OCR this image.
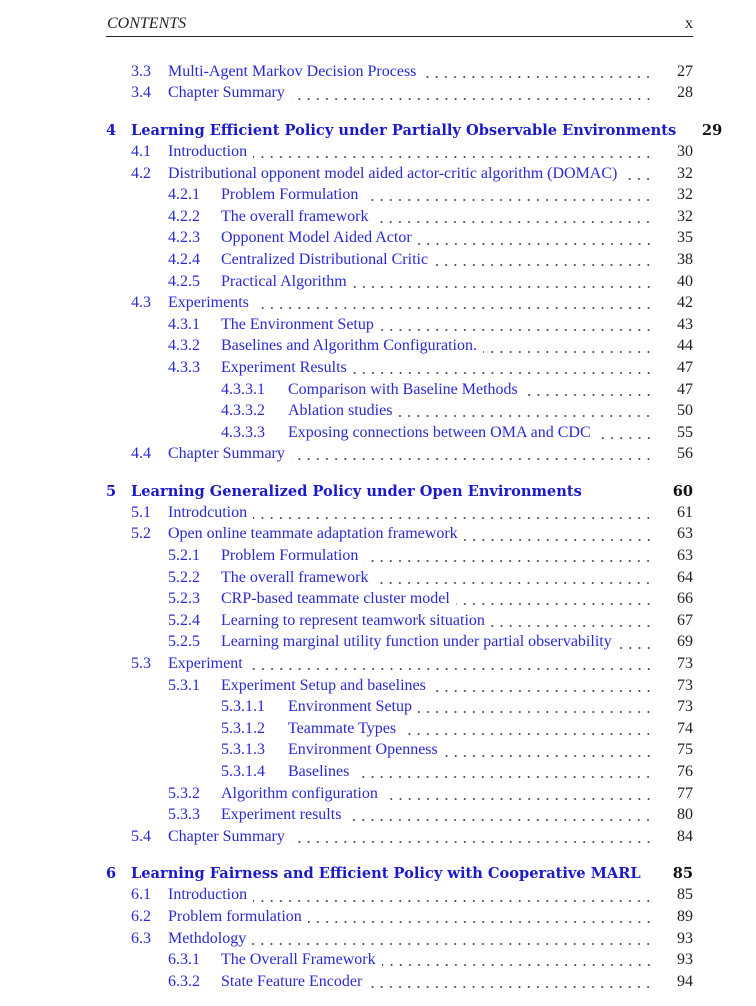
CONTENTS	x
3.3	Multi-Agent Markov Decision Process	27
3.4	Chapter Summary	28
4	Learning Efficient Policy under Partially Observable Environments	29
4.1	Introduction	30
4.2	Distributional opponent model aided actor-critic algorithm (DOMAC)	32
4.2.1	Problem Formulation	32
4.2.2	The overall framework	32
4.2.3	Opponent Model Aided Actor	35
4.2.4	Centralized Distributional Critic	38
4.2.5	Practical Algorithm	40
4.3	Experiments	42
4.3.1	The Environment Setup	43
4.3.2	Baselines and Algorithm Configuration.	44
4.3.3	Experiment Results	47
4.3.3.1	Comparison with Baseline Methods	47
4.3.3.2	Ablation studies	50
4.3.3.3	Exposing connections between OMA and CDC	55
4.4	Chapter Summary	56
5	Learning Generalized Policy under Open Environments	60
5.1	Introdcution	61
5.2	Open online teammate adaptation framework	63
5.2.1	Problem Formulation	63
5.2.2	The overall framework	64
5.2.3	CRP-based teammate cluster model	66
5.2.4	Learning to represent teamwork situation	67
5.2.5	Learning marginal utility function under partial observability	69
5.3	Experiment	73
5.3.1	Experiment Setup and baselines	73
5.3.1.1	Environment Setup	73
5.3.1.2	Teammate Types	74
5.3.1.3	Environment Openness	75
5.3.1.4	Baselines	76
5.3.2	Algorithm configuration	77
5.3.3	Experiment results	80
5.4	Chapter Summary	84
6	Learning Fairness and Efficient Policy with Cooperative MARL	85
6.1	Introduction	85
6.2	Problem formulation	89
6.3	Methdology	93
6.3.1	The Overall Framework	93
6.3.2	State Feature Encoder	94
